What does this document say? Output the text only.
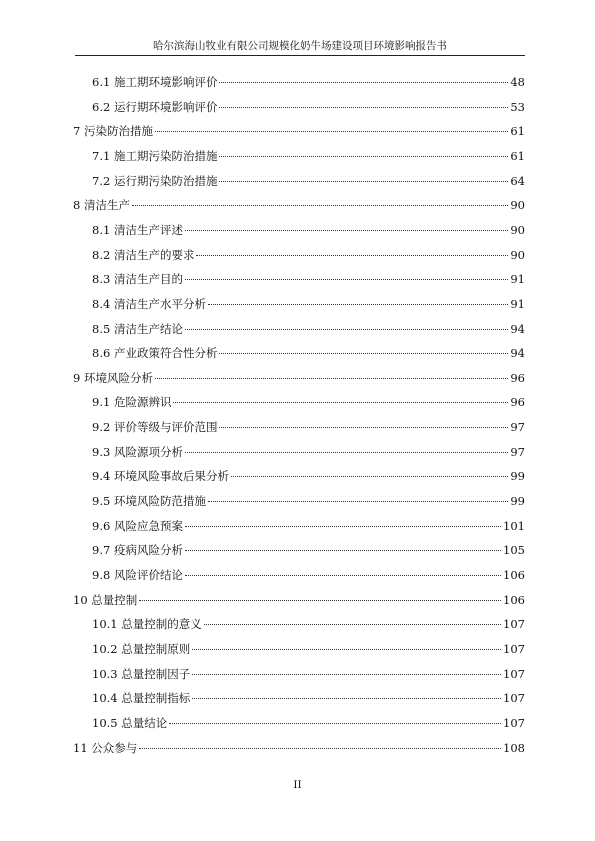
哈尔滨海山牧业有限公司规模化奶牛场建设项目环境影响报告书
6.1 施工期环境影响评价	48
6.2 运行期环境影响评价	53
7 污染防治措施	61
7.1 施工期污染防治措施	61
7.2 运行期污染防治措施	64
8 清洁生产	90
8.1 清洁生产评述	90
8.2 清洁生产的要求	90
8.3 清洁生产目的	91
8.4 清洁生产水平分析	91
8.5 清洁生产结论	94
8.6 产业政策符合性分析	94
9 环境风险分析	96
9.1 危险源辨识	96
9.2 评价等级与评价范围	97
9.3 风险源项分析	97
9.4 环境风险事故后果分析	99
9.5 环境风险防范措施	99
9.6 风险应急预案	101
9.7 疫病风险分析	105
9.8 风险评价结论	106
10 总量控制	106
10.1 总量控制的意义	107
10.2 总量控制原则	107
10.3 总量控制因子	107
10.4 总量控制指标	107
10.5 总量结论	107
11 公众参与	108
II
